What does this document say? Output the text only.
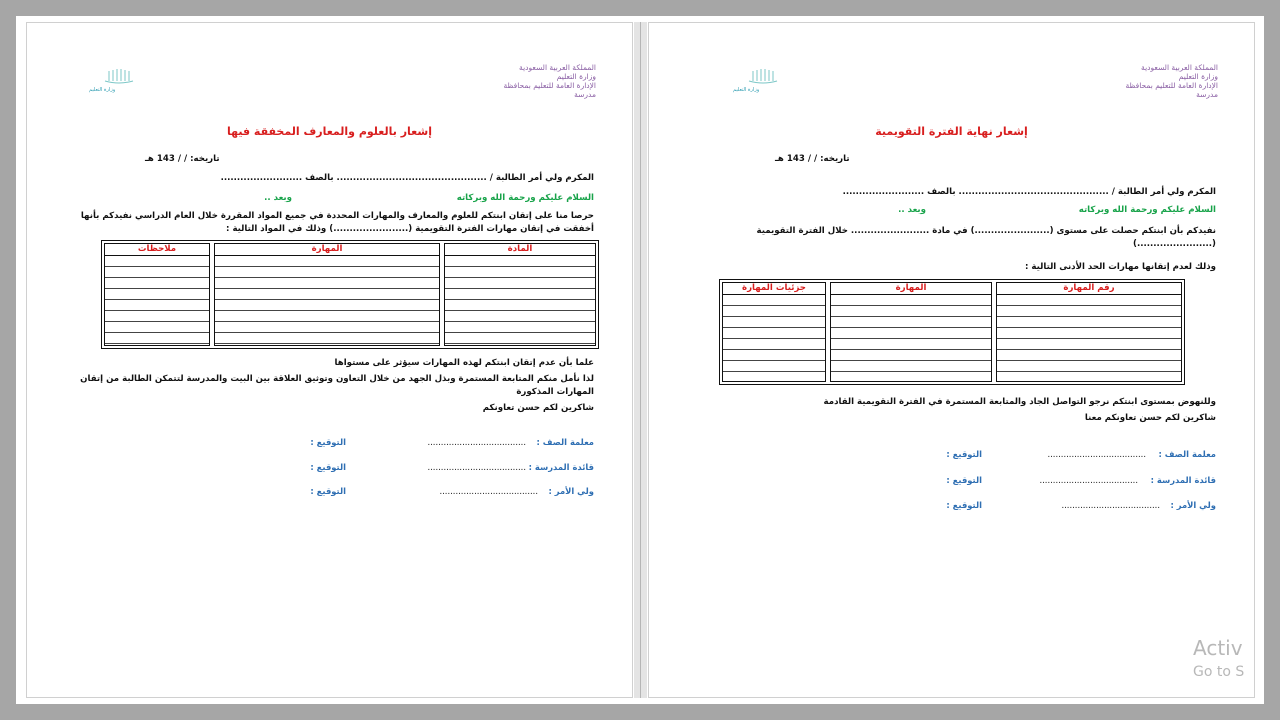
المملكة العربية السعودية
وزارة التعليم
الإدارة العامة للتعليم بمحافظة
مدرسة
وزارة التعليم
إشعار بالعلوم والمعارف المخفقة فيها
تاريخه: / / 143 هـ
المكرم ولي أمر الطالبة / .............................................. بالصف .........................
السلام عليكم ورحمة الله وبركاته
وبعد ..
حرصا منا على إتقان ابنتكم للعلوم والمعارف والمهارات المحددة في جميع المواد المقررة خلال العام الدراسي نفيدكم بأنها أخفقت في إتقان مهارات الفترة التقويمية (.......................) وذلك في المواد التالية :
المادة
المهارة
ملاحظات
علما بأن عدم إتقان ابنتكم لهذه المهارات سيؤثر على مستواها
لذا نأمل منكم المتابعة المستمرة وبذل الجهد من خلال التعاون وتوثيق العلاقة بين البيت والمدرسة لتتمكن الطالبة من إتقان المهارات المذكورة
شاكرين لكم حسن تعاونكم
معلمة الصف :
.....................................
التوقيع :
قائدة المدرسة :
.....................................
التوقيع :
ولي الأمر :
.....................................
التوقيع :
المملكة العربية السعودية
وزارة التعليم
الإدارة العامة للتعليم بمحافظة
مدرسة
وزارة التعليم
إشعار نهاية الفترة التقويمية
تاريخه: / / 143 هـ
المكرم ولي أمر الطالبة / .............................................. بالصف .........................
السلام عليكم ورحمة الله وبركاته
وبعد ..
نفيدكم بأن ابنتكم حصلت على مستوى (.......................) في مادة ........................ خلال الفترة التقويمية (.......................)
وذلك لعدم إتقانها مهارات الحد الأدنى التالية :
رقم المهارة
المهارة
جزئيات المهارة
وللنهوض بمستوى ابنتكم نرجو التواصل الجاد والمتابعة المستمرة في الفترة التقويمية القادمة
شاكرين لكم حسن تعاونكم معنا
معلمة الصف :
.....................................
التوقيع :
قائدة المدرسة :
.....................................
التوقيع :
ولي الأمر :
.....................................
التوقيع :
Activ
Go to S
